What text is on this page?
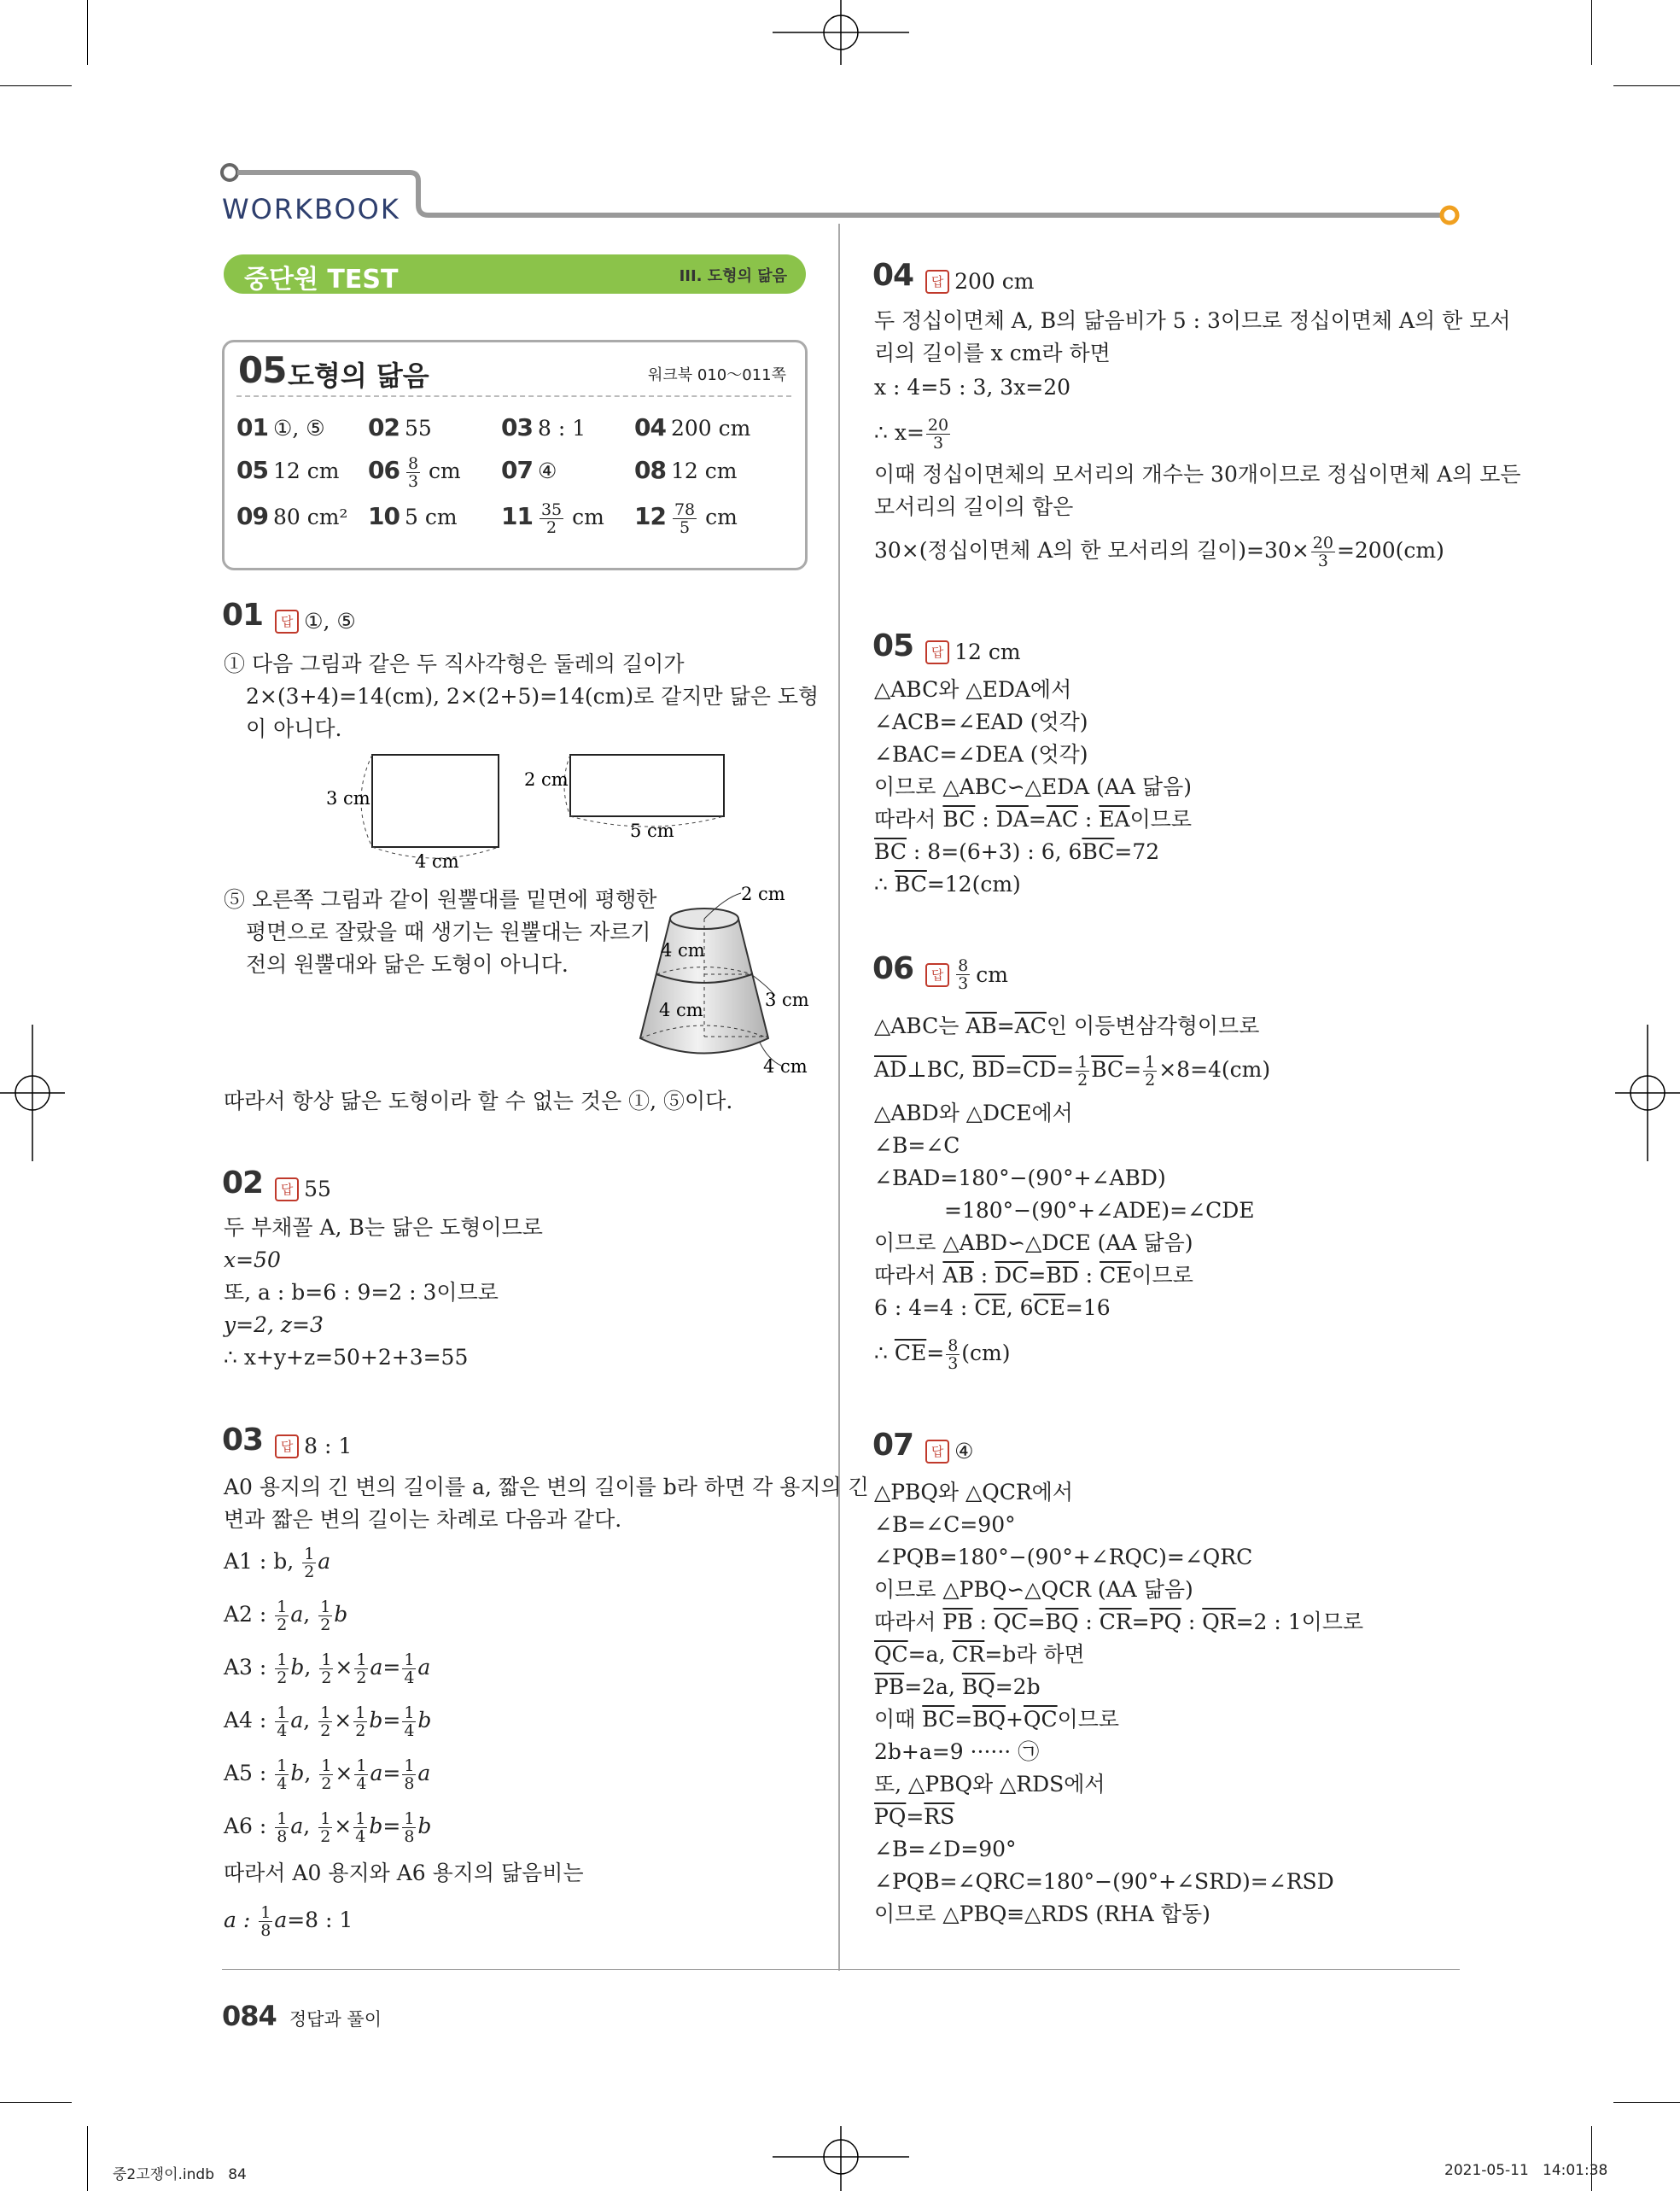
WORKBOOK
중단원 TEST	III. 도형의 닮음
05 도형의 닮음	워크북 010～011쪽
01 ①, ⑤ 02 55	03 8 : 1 04 200 cm
05 12 cm $06 \frac{8}{3}$ cm 07 ④	08 12 cm
09 80 cm² 10 5 cm $11 \frac{35}{2}$ cm $12 \frac{78}{5}$ cm
01 답 ①, ⑤
① 다음 그림과 같은 두 직사각형은 둘레의 길이가
2×(3+4)=14(cm), 2×(2+5)=14(cm)로 같지만 닮은 도형
이 아니다.
3 cm
4 cm
2 cm
5 cm
⑤ 오른쪽 그림과 같이 원뿔대를 밑면에 평행한
평면으로 잘랐을 때 생기는 원뿔대는 자르기
전의 원뿔대와 닮은 도형이 아니다.
2 cm
4 cm
4 cm	3 cm
4 cm
따라서 항상 닮은 도형이라 할 수 없는 것은 ①, ⑤이다.
02 답 55
두 부채꼴 A, B는 닮은 도형이므로
x=50
또, a : b=6 : 9=2 : 3이므로
y=2, z=3
∴ x+y+z=50+2+3=55
03 답 8 : 1
A0 용지의 긴 변의 길이를 a, 짧은 변의 길이를 b라 하면 각 용지의 긴
변과 짧은 변의 길이는 차례로 다음과 같다.
A1 : b, $\frac{1}{2}$ a
A2 : $\frac{1}{2} a$, $\frac{1}{2}$ b
A3 : $\frac{1}{2} b$, $\frac{1}{2} \times \frac{1}{2} a= \frac{1}{4}$ a
A4 : $\frac{1}{4} a$, $\frac{1}{2} \times \frac{1}{2} b= \frac{1}{4}$ b
A5 : $\frac{1}{4} b$, $\frac{1}{2} \times \frac{1}{4} a= \frac{1}{8}$ a
A6 : $\frac{1}{8} a$, $\frac{1}{2} \times \frac{1}{4} b= \frac{1}{8}$ b
따라서 A0 용지와 A6 용지의 닮음비는
a : $\frac{1}{8} a=8$ : 1
04 답 200 cm
두 정십이면체 A, B의 닮음비가 5 : 3이므로 정십이면체 A의 한 모서
리의 길이를 x cm라 하면
x : 4=5 : 3, 3x=20
∴ $x= \frac{20}{3}$
이때 정십이면체의 모서리의 개수는 30개이므로 정십이면체 A의 모든
모서리의 길이의 합은
30×(정십이면체 A의 한 모서리의 길이)$=30\times \frac{20}{3} =200(cm)$
05 답 12 cm
△ABC와 △EDA에서
∠ACB=∠EAD (엇각)
∠BAC=∠DEA (엇각)
이므로 △ABC∽△EDA (AA 닮음)
따라서 $\overline{BC}$ : $\overline{DA}=\overline{AC}$ : $\overline{EA}$이므로
$\overline{BC}$ : 8=(6+3) : 6, $6\overline{BC}=72$
∴ $\overline{BC}=12(cm)$
06 답 $\frac{8}{3}$ cm
△ABC는 $\overline{AB}=\overline{AC}$인 이등변삼각형이므로
$\overline{AD}\perp BC$, $\overline{BD}=\overline{CD}= \frac{1}{2} \overline{BC}= \frac{1}{2} \times 8=4(cm)$
△ABD와 △DCE에서
∠B=∠C
∠BAD=180°−(90°+∠ABD)
=180°−(90°+∠ADE)=∠CDE
이므로 △ABD∽△DCE (AA 닮음)
따라서 $\overline{AB}$ : $\overline{DC}=\overline{BD}$ : $\overline{CE}$이므로
6 : 4=4 : $\overline{CE}$, $6\overline{CE}=16$
∴ $\overline{CE}= \frac{8}{3} (cm)$
07 답 ④
△PBQ와 △QCR에서
∠B=∠C=90°
∠PQB=180°−(90°+∠RQC)=∠QRC
이므로 △PBQ∽△QCR (AA 닮음)
따라서 $\overline{PB}$ : $\overline{QC}=\overline{BQ}$ : $\overline{CR}=\overline{PQ}$ : $\overline{QR}=2$ : 1이므로
$\overline{QC}=a$, $\overline{CR}=b$라 하면
$\overline{PB}=2a$, $\overline{BQ}=2b$
이때 $\overline{BC}=\overline{BQ}+\overline{QC}$이므로
2b+a=9 ······ ㉠
또, △PBQ와 △RDS에서
$\overline{PQ}=\overline{RS}$
∠B=∠D=90°
∠PQB=∠QRC=180°−(90°+∠SRD)=∠RSD
이므로 △PBQ≡△RDS (RHA 합동)
084 정답과 풀이
중2고쟁이.indb   84	2021-05-11   14:01:38
